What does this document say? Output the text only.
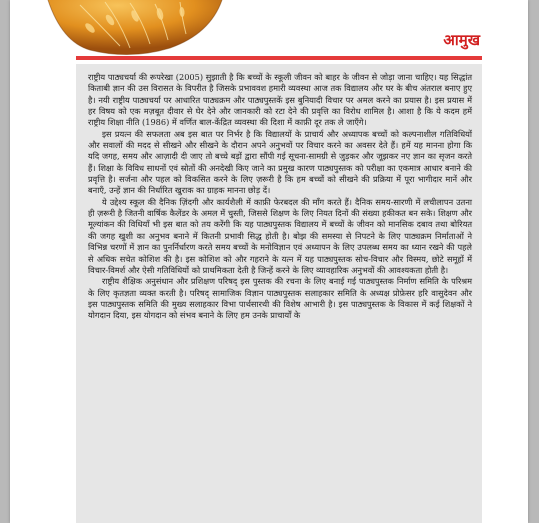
आमुख

राष्ट्रीय पाठ्यचर्या की रूपरेखा (2005) सुझाती है कि बच्चों के स्कूली जीवन को बाहर के जीवन से जोड़ा जाना चाहिए। यह सिद्धांत किताबी ज्ञान की उस विरासत के विपरीत है जिसके प्रभाववश हमारी व्यवस्था आज तक विद्यालय और घर के बीच अंतराल बनाए हुए है। नयी राष्ट्रीय पाठ्यचर्या पर आधारित पाठ्यक्रम और पाठ्यपुस्तकें इस बुनियादी विचार पर अमल करने का प्रयास है। इस प्रयास में हर विषय को एक मज़बूत दीवार से घेर देने और जानकारी को रटा देने की प्रवृत्ति का विरोध शामिल है। आशा है कि ये कदम हमें राष्ट्रीय शिक्षा नीति (1986) में वर्णित बाल-केंद्रित व्यवस्था की दिशा में काफ़ी दूर तक ले जाएँगे।

इस प्रयत्न की सफलता अब इस बात पर निर्भर है कि विद्यालयों के प्राचार्य और अध्यापक बच्चों को कल्पनाशील गतिविधियों और सवालों की मदद से सीखने और सीखने के दौरान अपने अनुभवों पर विचार करने का अवसर देते हैं। हमें यह मानना होगा कि यदि जगह, समय और आज़ादी दी जाए तो बच्चे बड़ों द्वारा सौंपी गई सूचना-सामग्री से जुड़कर और जूझकर नए ज्ञान का सृजन करते हैं। शिक्षा के विविध साधनों एवं स्रोतों की अनदेखी किए जाने का प्रमुख कारण पाठ्यपुस्तक को परीक्षा का एकमात्र आधार बनाने की प्रवृत्ति है। सर्जना और पहल को विकसित करने के लिए ज़रूरी है कि हम बच्चों को सीखने की प्रक्रिया में पूरा भागीदार मानें और बनाएँ, उन्हें ज्ञान की निर्धारित खुराक का ग्राहक मानना छोड़ दें।

ये उद्देश्य स्कूल की दैनिक ज़िंदगी और कार्यशैली में काफ़ी फेरबदल की माँग करते हैं। दैनिक समय-सारणी में लचीलापन उतना ही ज़रूरी है जितनी वार्षिक कैलेंडर के अमल में चुस्ती, जिससे शिक्षण के लिए नियत दिनों की संख्या हकीकत बन सके। शिक्षण और मूल्यांकन की विधियाँ भी इस बात को तय करेंगी कि यह पाठ्यपुस्तक विद्यालय में बच्चों के जीवन को मानसिक दबाव तथा बोरियत की जगह खुशी का अनुभव बनाने में कितनी प्रभावी सिद्ध होती है। बोझ की समस्या से निपटने के लिए पाठ्यक्रम निर्माताओं ने विभिन्न चरणों में ज्ञान का पुनर्निर्धारण करते समय बच्चों के मनोविज्ञान एवं अध्यापन के लिए उपलब्ध समय का ध्यान रखने की पहले से अधिक सचेत कोशिश की है। इस कोशिश को और गहराने के यत्न में यह पाठ्यपुस्तक सोच-विचार और विस्मय, छोटे समूहों में विचार-विमर्श और ऐसी गतिविधियों को प्राथमिकता देती है जिन्हें करने के लिए व्यावहारिक अनुभवों की आवश्यकता होती है।

राष्ट्रीय शैक्षिक अनुसंधान और प्रशिक्षण परिषद् इस पुस्तक की रचना के लिए बनाई गई पाठ्यपुस्तक निर्माण समिति के परिश्रम के लिए कृतज्ञता व्यक्त करती है। परिषद् सामाजिक विज्ञान पाठ्यपुस्तक सलाहकार समिति के अध्यक्ष प्रोफ़ेसर हरि वासुदेवन और इस पाठ्यपुस्तक समिति की मुख्य सलाहकार विभा पार्थसारथी की विशेष आभारी है। इस पाठ्यपुस्तक के विकास में कई शिक्षकों ने योगदान दिया, इस योगदान को संभव बनाने के लिए हम उनके प्राचार्यों के
